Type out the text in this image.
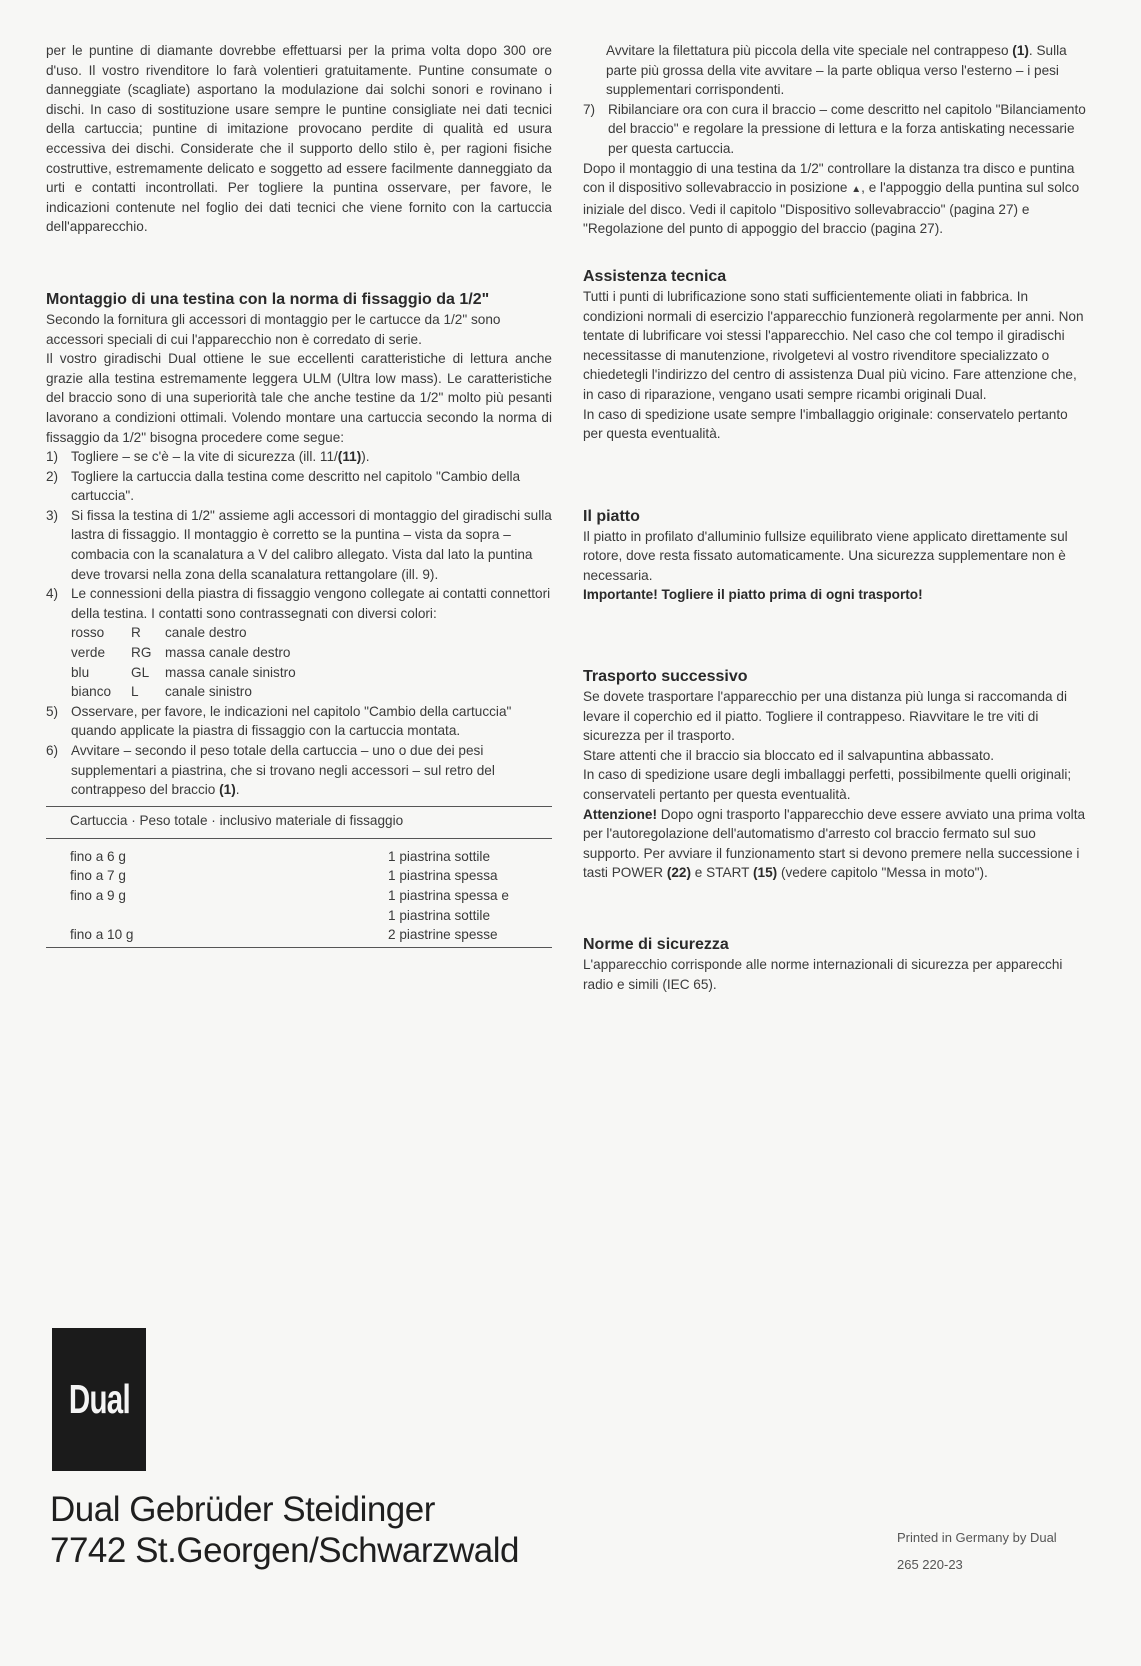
per le puntine di diamante dovrebbe effettuarsi per la prima volta dopo 300 ore d'uso. Il vostro rivenditore lo farà volentieri gratuitamente. Puntine consumate o danneggiate (scagliate) asportano la modulazione dai solchi sonori e rovinano i dischi. In caso di sostituzione usare sempre le puntine consigliate nei dati tecnici della cartuccia; puntine di imitazione provocano perdite di qualità ed usura eccessiva dei dischi. Considerate che il supporto dello stilo è, per ragioni fisiche costruttive, estremamente delicato e soggetto ad essere facilmente danneggiato da urti e contatti incontrollati. Per togliere la puntina osservare, per favore, le indicazioni contenute nel foglio dei dati tecnici che viene fornito con la cartuccia dell'apparecchio.

Montaggio di una testina con la norma di fissaggio da 1/2"

Secondo la fornitura gli accessori di montaggio per le cartucce da 1/2" sono accessori speciali di cui l'apparecchio non è corredato di serie.

Il vostro giradischi Dual ottiene le sue eccellenti caratteristiche di lettura anche grazie alla testina estremamente leggera ULM (Ultra low mass). Le caratteristiche del braccio sono di una superiorità tale che anche testine da 1/2" molto più pesanti lavorano a condizioni ottimali. Volendo montare una cartuccia secondo la norma di fissaggio da 1/2" bisogna procedere come segue:

1) Togliere – se c'è – la vite di sicurezza (ill. 11/(11)).
2) Togliere la cartuccia dalla testina come descritto nel capitolo "Cambio della cartuccia".
3) Si fissa la testina di 1/2" assieme agli accessori di montaggio del giradischi sulla lastra di fissaggio. Il montaggio è corretto se la puntina – vista da sopra – combacia con la scanalatura a V del calibro allegato. Vista dal lato la puntina deve trovarsi nella zona della scanalatura rettangolare (ill. 9).
4) Le connessioni della piastra di fissaggio vengono collegate ai contatti connettori della testina. I contatti sono contrassegnati con diversi colori:
rosso	R	canale destro
verde	RG	massa canale destro
blu	GL	massa canale sinistro
bianco	L	canale sinistro
5) Osservare, per favore, le indicazioni nel capitolo "Cambio della cartuccia" quando applicate la piastra di fissaggio con la cartuccia montata.
6) Avvitare – secondo il peso totale della cartuccia – uno o due dei pesi supplementari a piastrina, che si trovano negli accessori – sul retro del contrappeso del braccio (1).
Cartuccia · Peso totale · inclusivo materiale di fissaggio	

fino a 6 g	1 piastrina sottile
fino a 7 g	1 piastrina spessa
fino a 9 g	1 piastrina spessa e
	1 piastrina sottile
fino a 10 g	2 piastrine spesse

Avvitare la filettatura più piccola della vite speciale nel contrappeso (1). Sulla parte più grossa della vite avvitare – la parte obliqua verso l'esterno – i pesi supplementari corrispondenti.

7) Ribilanciare ora con cura il braccio – come descritto nel capitolo "Bilanciamento del braccio" e regolare la pressione di lettura e la forza antiskating necessarie per questa cartuccia.

Dopo il montaggio di una testina da 1/2" controllare la distanza tra disco e puntina con il dispositivo sollevabraccio in posizione ▲, e l'appoggio della puntina sul solco iniziale del disco. Vedi il capitolo "Dispositivo sollevabraccio" (pagina 27) e "Regolazione del punto di appoggio del braccio (pagina 27).

Assistenza tecnica

Tutti i punti di lubrificazione sono stati sufficientemente oliati in fabbrica. In condizioni normali di esercizio l'apparecchio funzionerà regolarmente per anni. Non tentate di lubrificare voi stessi l'apparecchio. Nel caso che col tempo il giradischi necessitasse di manutenzione, rivolgetevi al vostro rivenditore specializzato o chiedetegli l'indirizzo del centro di assistenza Dual più vicino. Fare attenzione che, in caso di riparazione, vengano usati sempre ricambi originali Dual.

In caso di spedizione usate sempre l'imballaggio originale: conservatelo pertanto per questa eventualità.

Il piatto

Il piatto in profilato d'alluminio fullsize equilibrato viene applicato direttamente sul rotore, dove resta fissato automaticamente. Una sicurezza supplementare non è necessaria.

Importante! Togliere il piatto prima di ogni trasporto!

Trasporto successivo

Se dovete trasportare l'apparecchio per una distanza più lunga si raccomanda di levare il coperchio ed il piatto. Togliere il contrappeso. Riavvitare le tre viti di sicurezza per il trasporto.

Stare attenti che il braccio sia bloccato ed il salvapuntina abbassato.

In caso di spedizione usare degli imballaggi perfetti, possibilmente quelli originali; conservateli pertanto per questa eventualità.

Attenzione! Dopo ogni trasporto l'apparecchio deve essere avviato una prima volta per l'autoregolazione dell'automatismo d'arresto col braccio fermato sul suo supporto. Per avviare il funzionamento start si devono premere nella successione i tasti POWER (22) e START (15) (vedere capitolo "Messa in moto").

Norme di sicurezza

L'apparecchio corrisponde alle norme internazionali di sicurezza per apparecchi radio e simili (IEC 65).

Dual
Dual Gebrüder Steidinger
7742 St.Georgen/Schwarzwald	Printed in Germany by Dual
265 220-23
